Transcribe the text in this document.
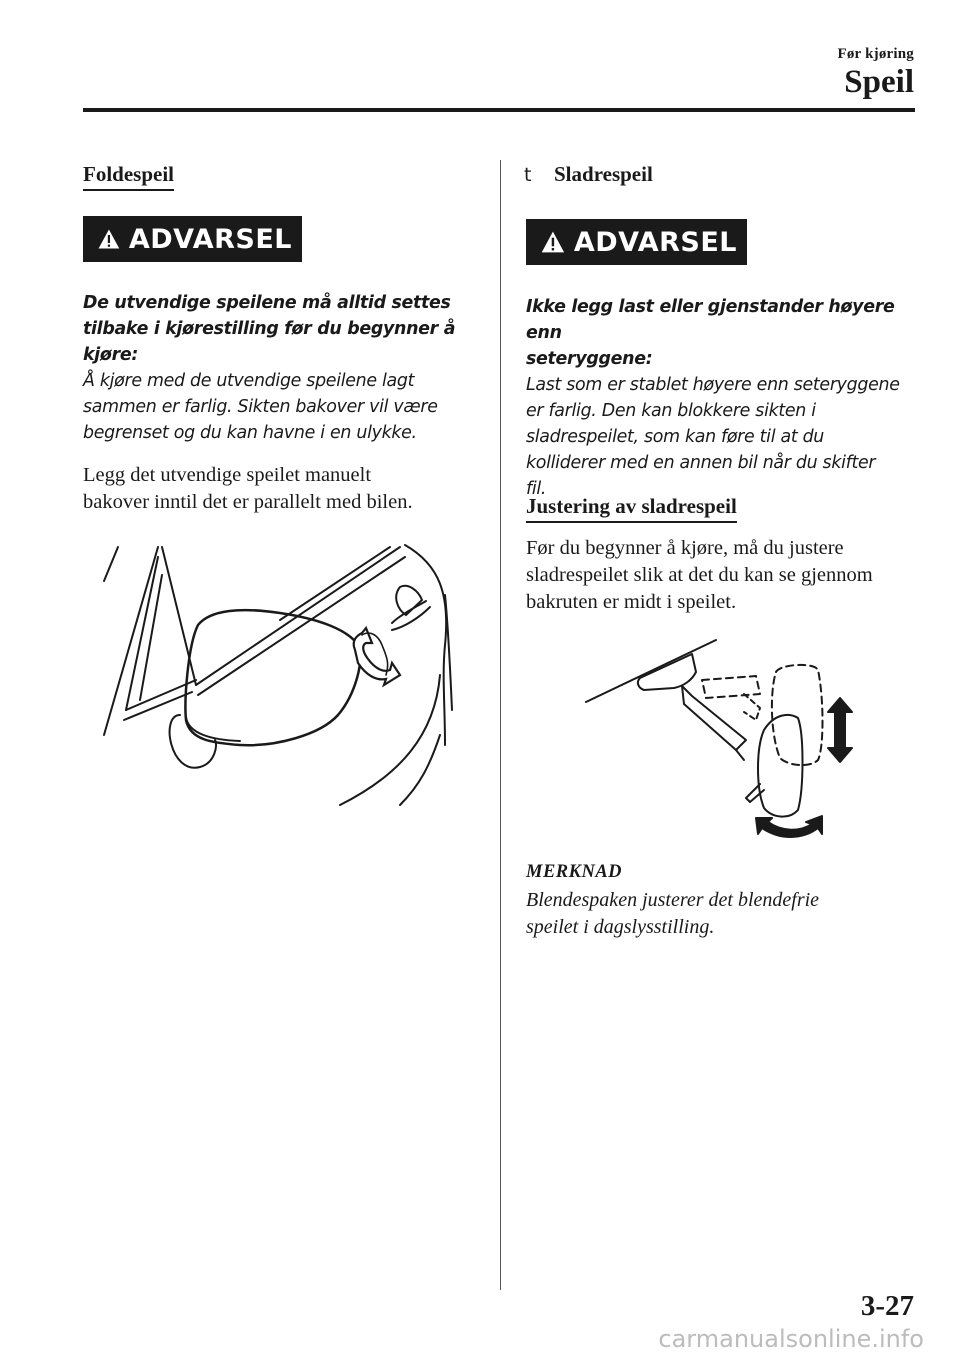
Før kjøring
Speil
Foldespeil
ADVARSEL
De utvendige speilene må alltid settes
tilbake i kjørestilling før du begynner å
kjøre:
Å kjøre med de utvendige speilene lagt
sammen er farlig. Sikten bakover vil være
begrenset og du kan havne i en ulykke.
Legg det utvendige speilet manuelt
bakover inntil det er parallelt med bilen.
t Sladrespeil
ADVARSEL
Ikke legg last eller gjenstander høyere enn
seteryggene:
Last som er stablet høyere enn seteryggene
er farlig. Den kan blokkere sikten i
sladrespeilet, som kan føre til at du
kolliderer med en annen bil når du skifter
fil.
Justering av sladrespeil
Før du begynner å kjøre, må du justere
sladrespeilet slik at det du kan se gjennom
bakruten er midt i speilet.
MERKNAD
Blendespaken justerer det blendefrie
speilet i dagslysstilling.
3-27
carmanualsonline.info
